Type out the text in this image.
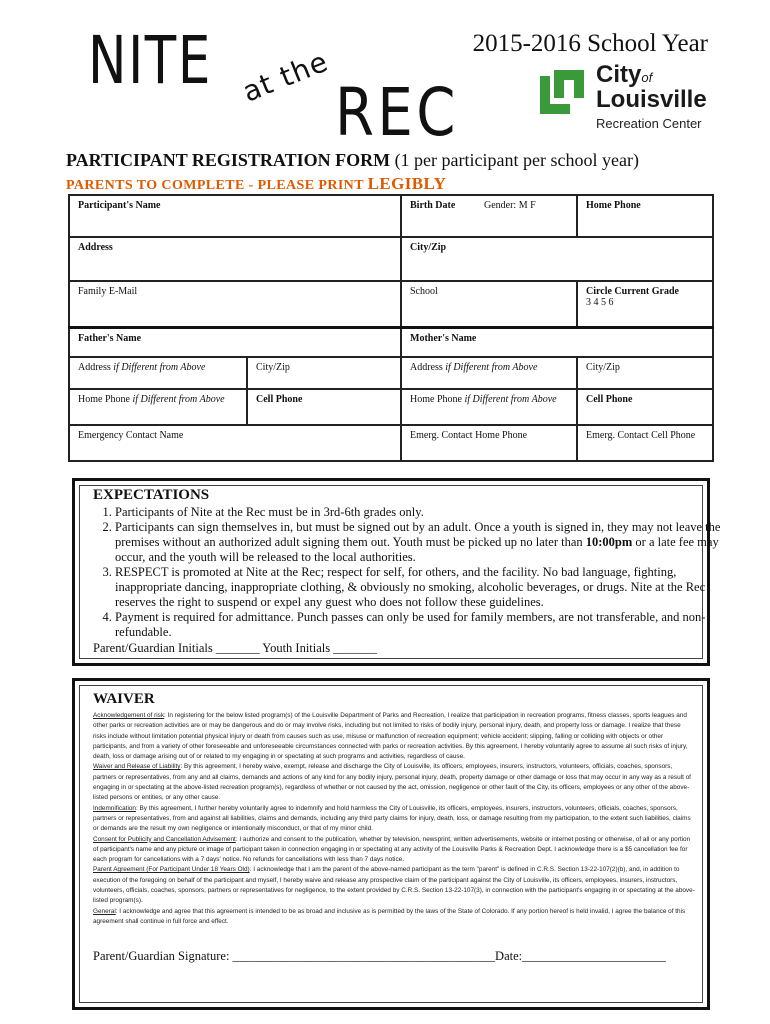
NITE at the REC
2015-2016 School Year
Cityof
Louisville
Recreation Center
PARTICIPANT REGISTRATION FORM (1 per participant per school year)
PARENTS TO COMPLETE - PLEASE PRINT LEGIBLY
Participant's Name		Birth Date Gender: M F	Home Phone
Address		City/Zip	
Family E-Mail		School	Circle Current Grade
3 4 5 6
Father's Name		Mother's Name	
Address if Different from Above	City/Zip	Address if Different from Above	City/Zip
Home Phone if Different from Above	Cell Phone	Home Phone if Different from Above	Cell Phone
Emergency Contact Name		Emerg. Contact Home Phone	Emerg. Contact Cell Phone
EXPECTATIONS
1. Participants of Nite at the Rec must be in 3rd-6th grades only.
2. Participants can sign themselves in, but must be signed out by an adult. Once a youth is signed in, they may not leave the premises without an authorized adult signing them out. Youth must be picked up no later than 10:00pm or a late fee may occur, and the youth will be released to the local authorities.
3. RESPECT is promoted at Nite at the Rec; respect for self, for others, and the facility. No bad language, fighting, inappropriate dancing, inappropriate clothing, & obviously no smoking, alcoholic beverages, or drugs. Nite at the Rec reserves the right to suspend or expel any guest who does not follow these guidelines.
4. Payment is required for admittance. Punch passes can only be used for family members, are not transferable, and non-refundable.
Parent/Guardian Initials _______ Youth Initials _______
WAIVER
Acknowledgement of risk: In registering for the below listed program(s) of the Louisville Department of Parks and Recreation, I realize that participation in recreation programs, fitness classes, sports leagues and other parks or recreation activities are or may be dangerous and do or may involve risks, including but not limited to risks of bodily injury, personal injury, death, and property loss or damage. I realize that these risks include without limitation potential physical injury or death from causes such as use, misuse or malfunction of recreation equipment; vehicle accident; slipping, falling or colliding with objects or other participants, and from a variety of other foreseeable and unforeseeable circumstances connected with parks or recreation activities. By this agreement, I hereby voluntarily agree to assume all such risks of injury, death, loss or damage arising out of or related to my engaging in or spectating at such programs and activities, regardless of cause.
Waiver and Release of Liability: By this agreement, I hereby waive, exempt, release and discharge the City of Louisville, its officers, employees, insurers, instructors, volunteers, officials, coaches, sponsors, partners or representatives, from any and all claims, demands and actions of any kind for any bodily injury, personal injury, death, property damage or other damage or loss that may occur in any way as a result of engaging in or spectating at the above-listed recreation program(s), regardless of whether or not caused by the act, omission, negligence or other fault of the City, its officers, employees or any other of the above-listed persons or entities, or any other cause.
Indemnification: By this agreement, I further hereby voluntarily agree to indemnify and hold harmless the City of Louisville, its officers, employees, insurers, instructors, volunteers, officials, coaches, sponsors, partners or representatives, from and against all liabilities, claims and demands, including any third party claims for injury, death, loss, or damage resulting from my participation, to the extent such liabilities, claims or demands are the result my own negligence or intentionally misconduct, or that of my minor child.
Consent for Publicity and Cancellation Advisement: I authorize and consent to the publication, whether by television, newsprint, written advertisements, website or internet posting or otherwise, of all or any portion of participant's name and any picture or image of participant taken in connection engaging in or spectating at any activity of the Louisville Parks & Recreation Dept. I acknowledge there is a $5 cancellation fee for each program for cancellations with a 7 days' notice. No refunds for cancellations with less than 7 days notice.
Parent Agreement (For Participant Under 18 Years Old): I acknowledge that I am the parent of the above-named participant as the term "parent" is defined in C.R.S. Section 13-22-107(2)(b), and, in addition to execution of the foregoing on behalf of the participant and myself, I hereby waive and release any prospective claim of the participant against the City of Louisville, its officers, employees, insurers, instructors, volunteers, officials, coaches, sponsors, partners or representatives for negligence, to the extent provided by C.R.S. Section 13-22-107(3), in connection with the participant's engaging in or spectating at the above-listed program(s).
General: I acknowledge and agree that this agreement is intended to be as broad and inclusive as is permitted by the laws of the State of Colorado. If any portion hereof is held invalid, I agree the balance of this agreement shall continue in full force and effect.
Parent/Guardian Signature: __________________________________________Date:_______________________
